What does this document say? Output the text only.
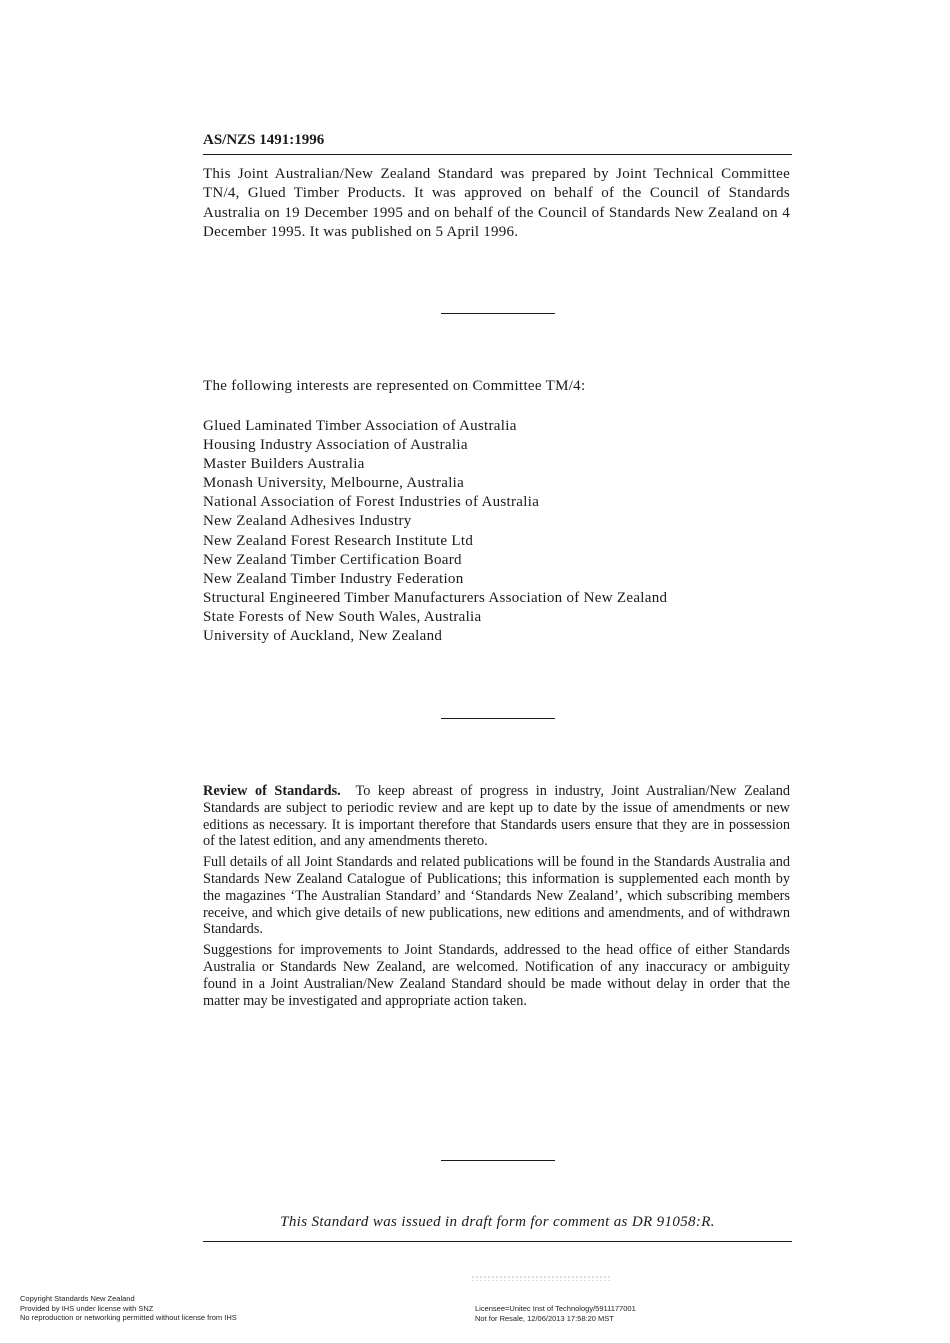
AS/NZS 1491:1996

This Joint Australian/New Zealand Standard was prepared by Joint Technical Committee TN/4, Glued Timber Products. It was approved on behalf of the Council of Standards Australia on 19 December 1995 and on behalf of the Council of Standards New Zealand on 4 December 1995. It was published on 5 April 1996.

The following interests are represented on Committee TM/4:

Glued Laminated Timber Association of Australia
Housing Industry Association of Australia
Master Builders Australia
Monash University, Melbourne, Australia
National Association of Forest Industries of Australia
New Zealand Adhesives Industry
New Zealand Forest Research Institute Ltd
New Zealand Timber Certification Board
New Zealand Timber Industry Federation
Structural Engineered Timber Manufacturers Association of New Zealand
State Forests of New South Wales, Australia
University of Auckland, New Zealand

Review of Standards. To keep abreast of progress in industry, Joint Australian/New Zealand Standards are subject to periodic review and are kept up to date by the issue of amendments or new editions as necessary. It is important therefore that Standards users ensure that they are in possession of the latest edition, and any amendments thereto.

Full details of all Joint Standards and related publications will be found in the Standards Australia and Standards New Zealand Catalogue of Publications; this information is supplemented each month by the magazines ‘The Australian Standard’ and ‘Standards New Zealand’, which subscribing members receive, and which give details of new publications, new editions and amendments, and of withdrawn Standards.

Suggestions for improvements to Joint Standards, addressed to the head office of either Standards Australia or Standards New Zealand, are welcomed. Notification of any inaccuracy or ambiguity found in a Joint Australian/New Zealand Standard should be made without delay in order that the matter may be investigated and appropriate action taken.

This Standard was issued in draft form for comment as DR 91058:R.
Copyright Standards New Zealand
Provided by IHS under license with SNZ
No reproduction or networking permitted without license from IHS
Licensee=Unitec Inst of Technology/5911177001
Not for Resale, 12/06/2013 17:58:20 MST
